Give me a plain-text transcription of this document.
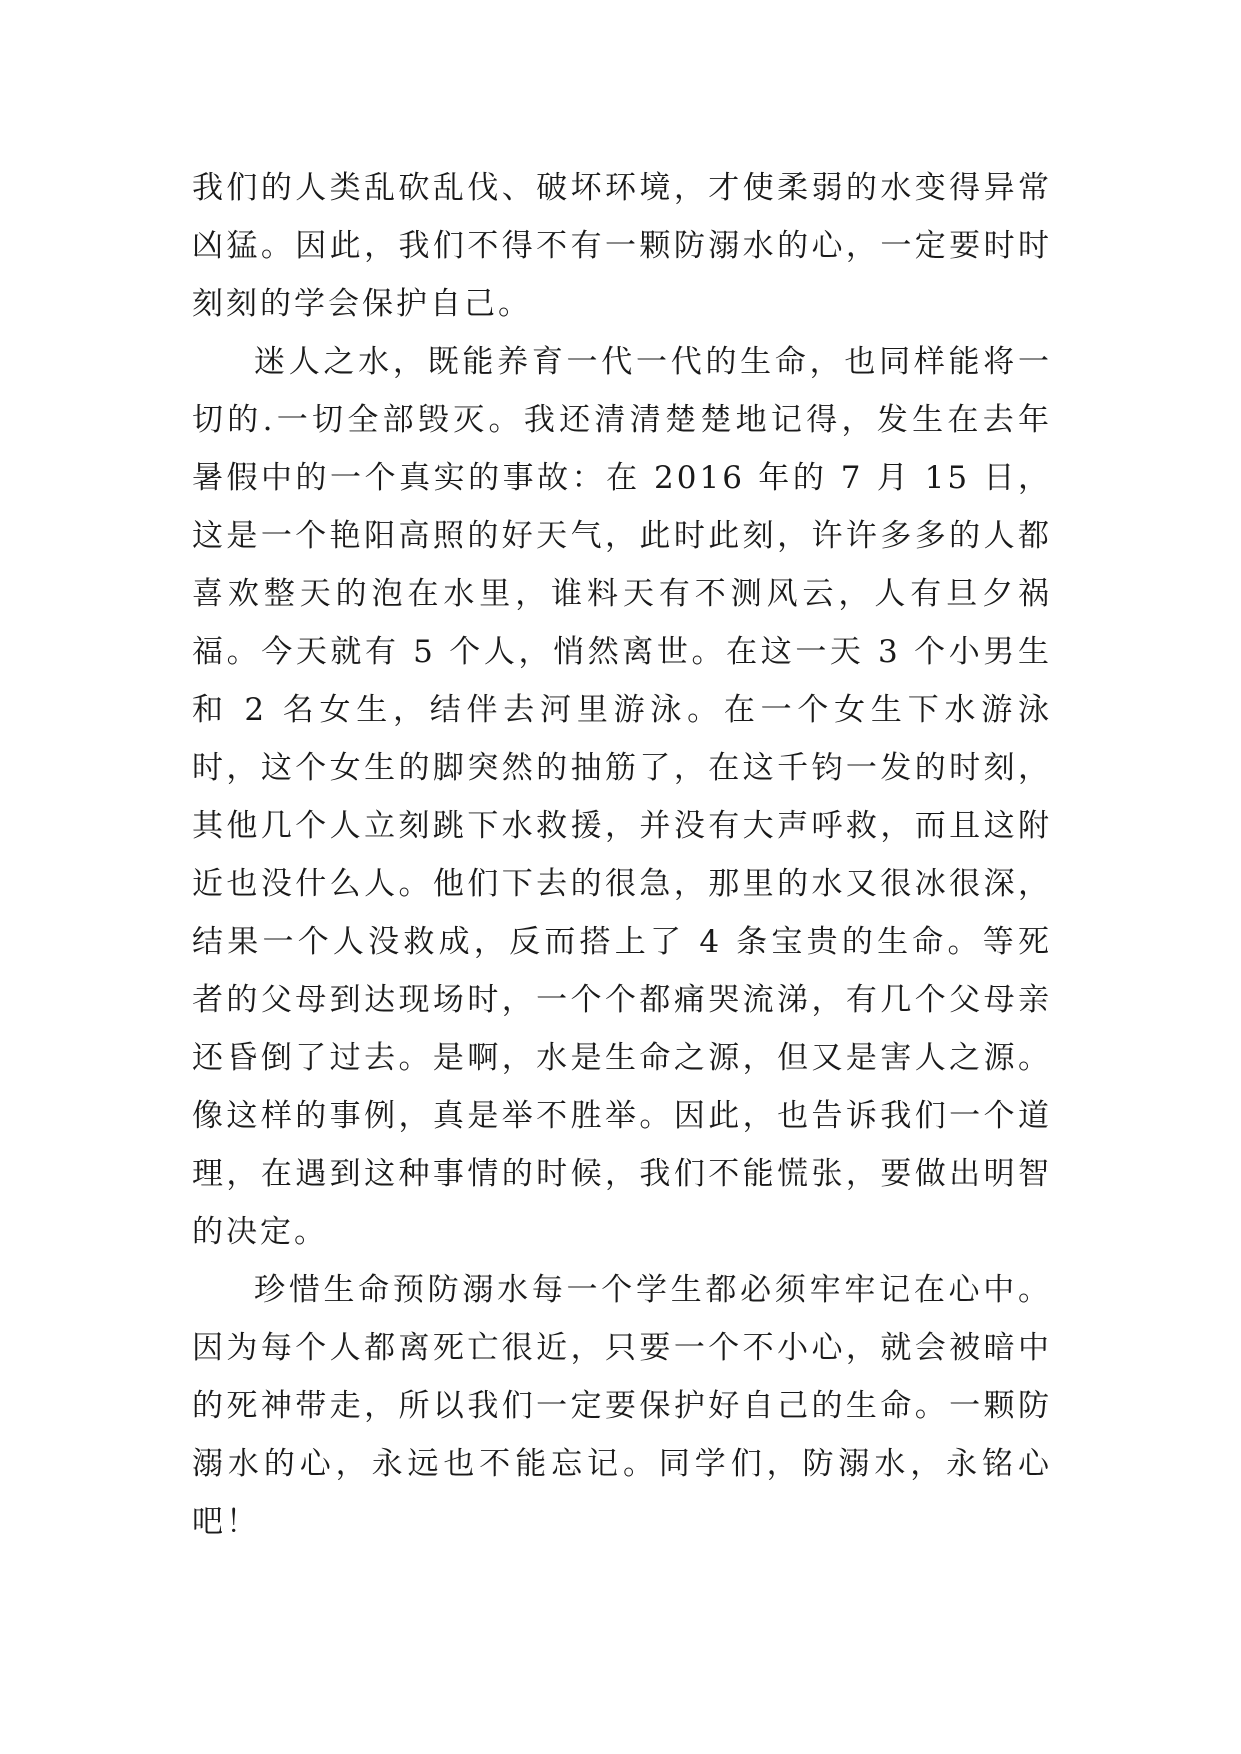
我们的人类乱砍乱伐、破坏环境，才使柔弱的水变得异常凶猛。因此，我们不得不有一颗防溺水的心，一定要时时刻刻的学会保护自己。

迷人之水，既能养育一代一代的生命，也同样能将一切的.一切全部毁灭。我还清清楚楚地记得，发生在去年暑假中的一个真实的事故：在 2016 年的 7 月 15 日，这是一个艳阳高照的好天气，此时此刻，许许多多的人都喜欢整天的泡在水里，谁料天有不测风云，人有旦夕祸福。今天就有 5 个人，悄然离世。在这一天 3 个小男生和 2 名女生，结伴去河里游泳。在一个女生下水游泳时，这个女生的脚突然的抽筋了，在这千钧一发的时刻，其他几个人立刻跳下水救援，并没有大声呼救，而且这附近也没什么人。他们下去的很急，那里的水又很冰很深，结果一个人没救成，反而搭上了 4 条宝贵的生命。等死者的父母到达现场时，一个个都痛哭流涕，有几个父母亲还昏倒了过去。是啊，水是生命之源，但又是害人之源。像这样的事例，真是举不胜举。因此，也告诉我们一个道理，在遇到这种事情的时候，我们不能慌张，要做出明智的决定。

珍惜生命预防溺水每一个学生都必须牢牢记在心中。因为每个人都离死亡很近，只要一个不小心，就会被暗中的死神带走，所以我们一定要保护好自己的生命。一颗防溺水的心，永远也不能忘记。同学们，防溺水，永铭心吧！
